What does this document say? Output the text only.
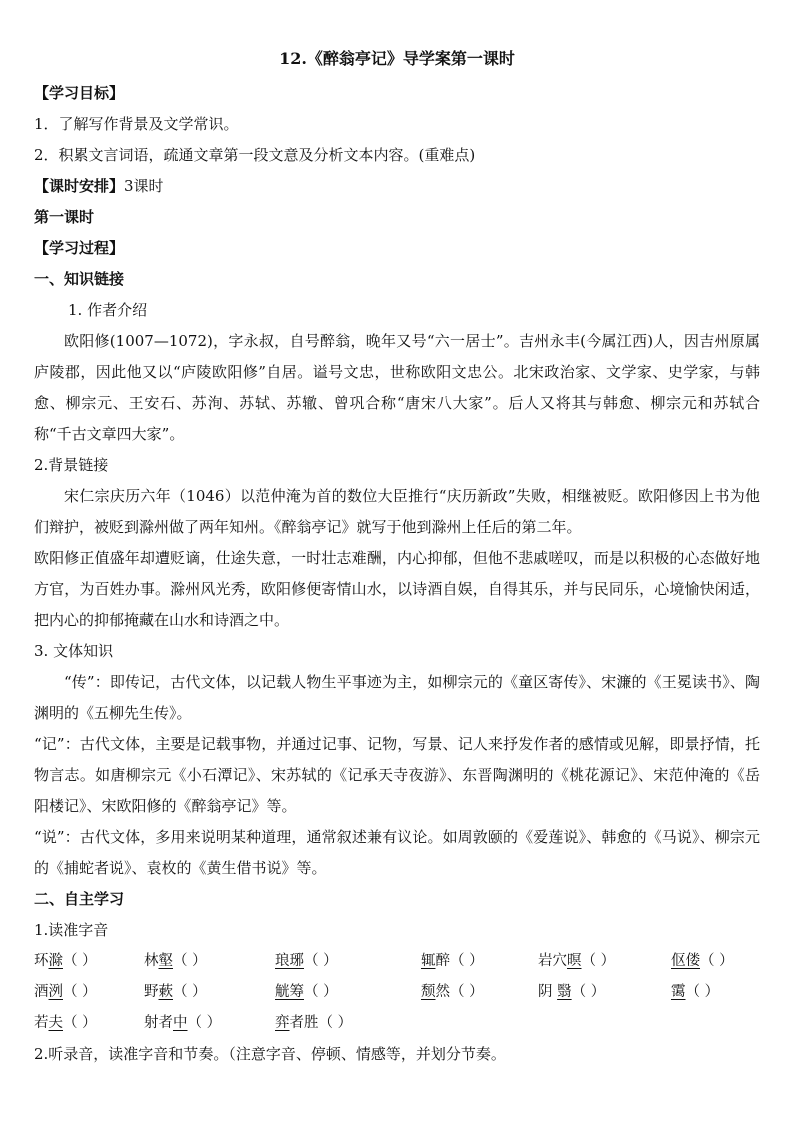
12.《醉翁亭记》导学案第一课时
【学习目标】
1．了解写作背景及文学常识。
2．积累文言词语，疏通文章第一段文意及分析文本内容。(重难点)
【课时安排】3课时
第一课时
【学习过程】
一、知识链接
1. 作者介绍
欧阳修(1007—1072)，字永叔，自号醉翁，晚年又号“六一居士”。吉州永丰(今属江西)人，因吉州原属庐陵郡，因此他又以“庐陵欧阳修”自居。谥号文忠，世称欧阳文忠公。北宋政治家、文学家、史学家，与韩愈、柳宗元、王安石、苏洵、苏轼、苏辙、曾巩合称“唐宋八大家”。后人又将其与韩愈、柳宗元和苏轼合称“千古文章四大家”。
2.背景链接
宋仁宗庆历六年（1046）以范仲淹为首的数位大臣推行“庆历新政”失败，相继被贬。欧阳修因上书为他们辩护，被贬到滁州做了两年知州。《醉翁亭记》就写于他到滁州上任后的第二年。
欧阳修正值盛年却遭贬谪，仕途失意，一时壮志难酬，内心抑郁，但他不悲戚嗟叹，而是以积极的心态做好地方官，为百姓办事。滁州风光秀，欧阳修便寄情山水，以诗酒自娱，自得其乐，并与民同乐，心境愉快闲适，把内心的抑郁掩藏在山水和诗酒之中。
3. 文体知识
“传”：即传记，古代文体，以记载人物生平事迹为主，如柳宗元的《童区寄传》、宋濂的《王冕读书》、陶渊明的《五柳先生传》。
“记”：古代文体，主要是记载事物，并通过记事、记物，写景、记人来抒发作者的感情或见解，即景抒情，托物言志。如唐柳宗元《小石潭记》、宋苏轼的《记承天寺夜游》、东晋陶渊明的《桃花源记》、宋范仲淹的《岳阳楼记》、宋欧阳修的《醉翁亭记》等。
“说”：古代文体，多用来说明某种道理，通常叙述兼有议论。如周敦颐的《爱莲说》、韩愈的《马说》、柳宗元的《捕蛇者说》、袁枚的《黄生借书说》等。
二、自主学习
1.读准字音
环滁（ ）	林壑（ ）	琅琊（ ）	辄醉（ ）	岩穴暝（ ）	伛偻（ ）
酒洌（ ）	野蔌（ ）	觥筹（ ）	颓然（ ）	阴 翳（ ）	霭（ ）
若夫（ ）	射者中（ ）	弈者胜（ ）
2.听录音，读准字音和节奏。（注意字音、停顿、情感等，并划分节奏。
